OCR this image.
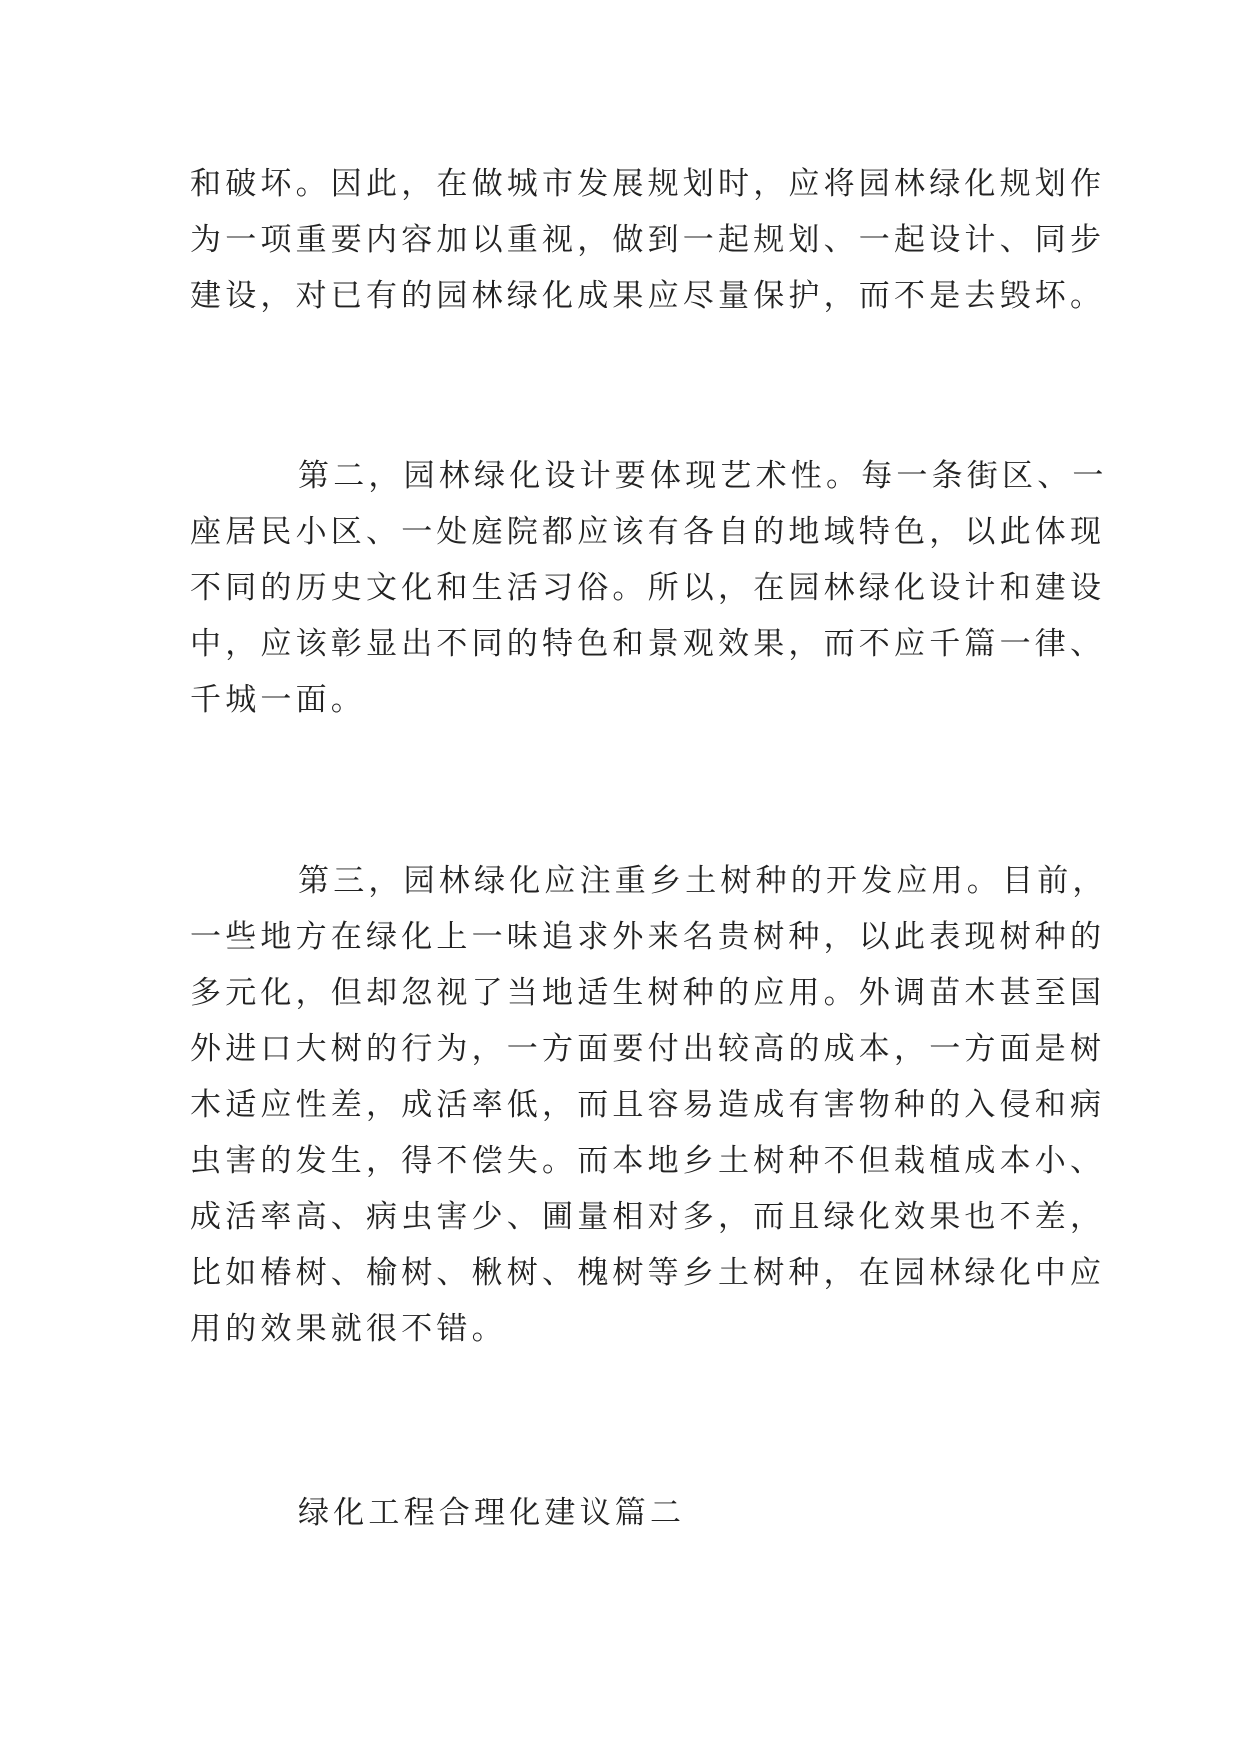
和破坏。因此，在做城市发展规划时，应将园林绿化规划作
为一项重要内容加以重视，做到一起规划、一起设计、同步
建设，对已有的园林绿化成果应尽量保护，而不是去毁坏。
第二，园林绿化设计要体现艺术性。每一条街区、一
座居民小区、一处庭院都应该有各自的地域特色，以此体现
不同的历史文化和生活习俗。所以，在园林绿化设计和建设
中，应该彰显出不同的特色和景观效果，而不应千篇一律、
千城一面。
第三，园林绿化应注重乡土树种的开发应用。目前，
一些地方在绿化上一味追求外来名贵树种，以此表现树种的
多元化，但却忽视了当地适生树种的应用。外调苗木甚至国
外进口大树的行为，一方面要付出较高的成本，一方面是树
木适应性差，成活率低，而且容易造成有害物种的入侵和病
虫害的发生，得不偿失。而本地乡土树种不但栽植成本小、
成活率高、病虫害少、圃量相对多，而且绿化效果也不差，
比如椿树、榆树、楸树、槐树等乡土树种，在园林绿化中应
用的效果就很不错。
绿化工程合理化建议篇二
